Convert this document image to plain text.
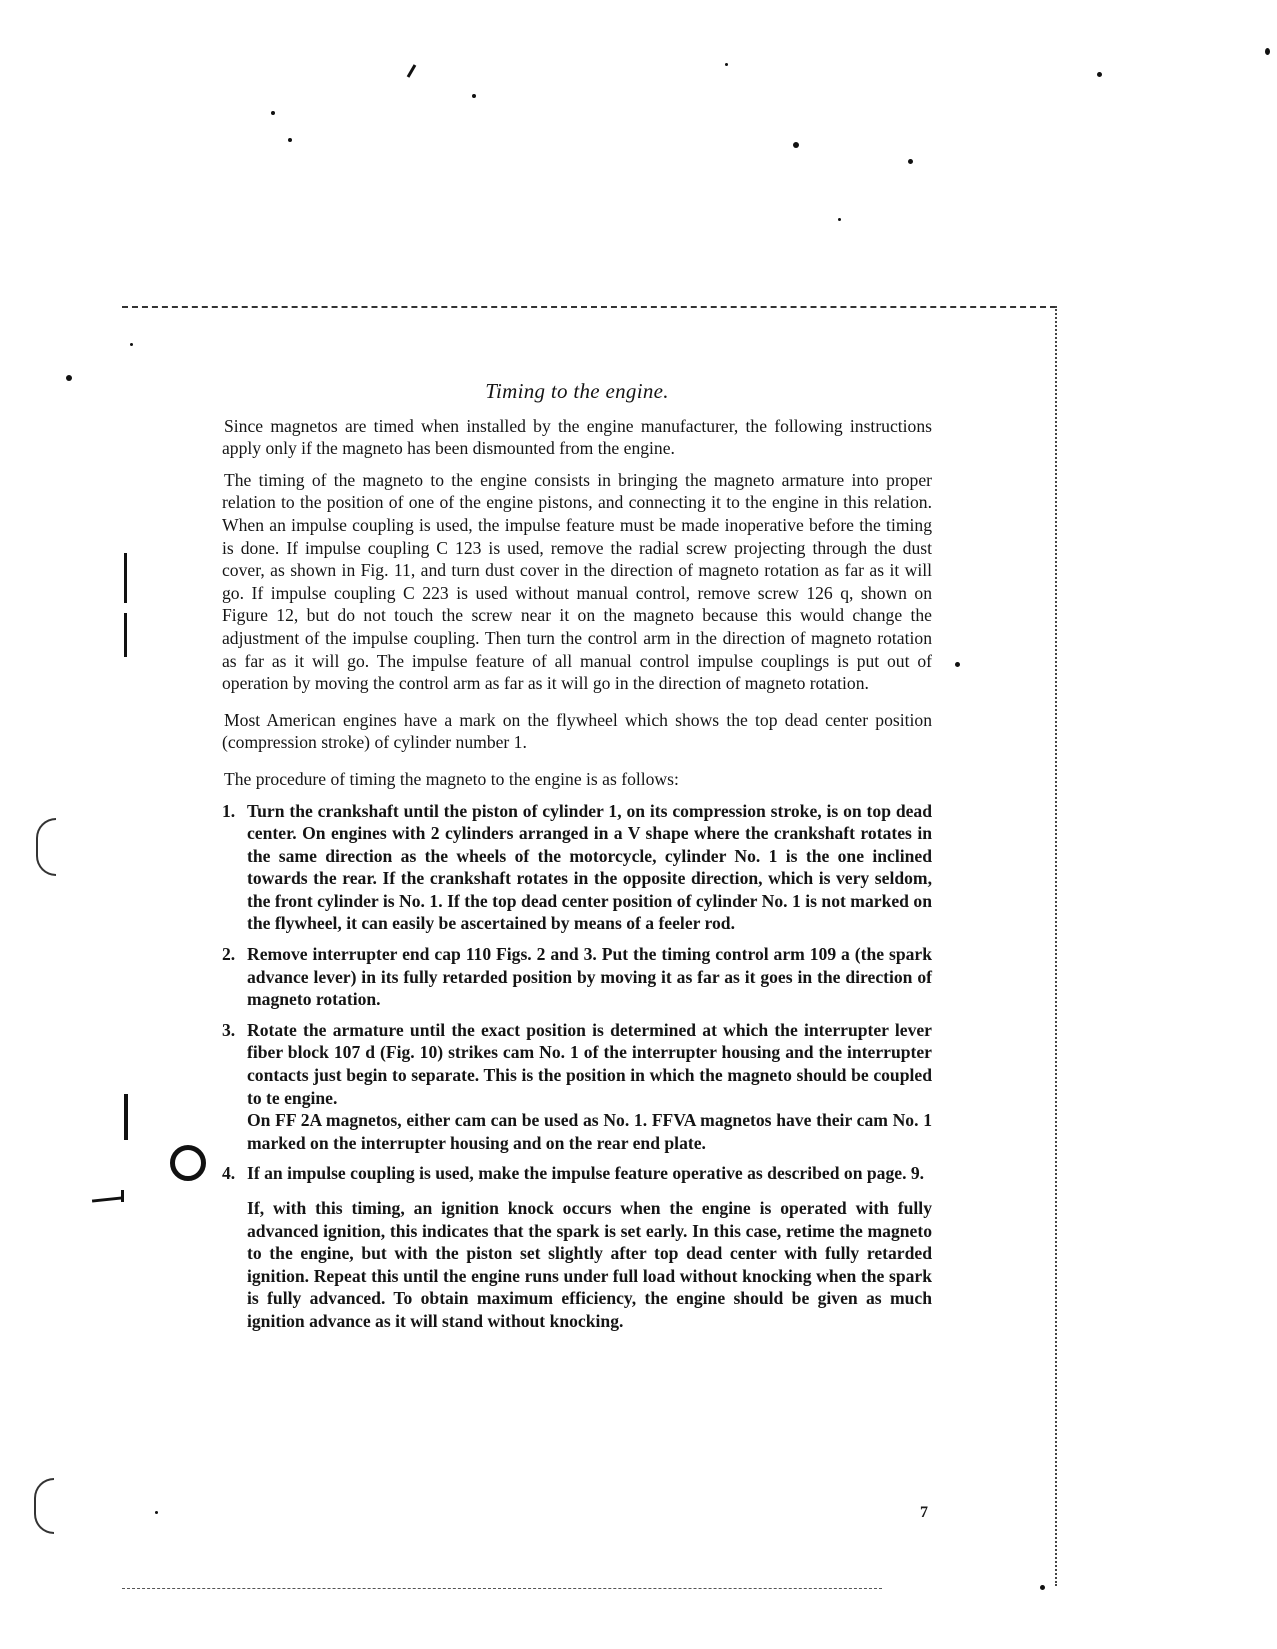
Timing to the engine.

Since magnetos are timed when installed by the engine manufacturer, the following instructions apply only if the magneto has been dismounted from the engine.

The timing of the magneto to the engine consists in bringing the magneto armature into proper relation to the position of one of the engine pistons, and connecting it to the engine in this relation. When an impulse coupling is used, the impulse feature must be made inoperative before the timing is done. If impulse coupling C 123 is used, remove the radial screw projecting through the dust cover, as shown in Fig. 11, and turn dust cover in the direction of magneto rotation as far as it will go. If impulse coupling C 223 is used without manual control, remove screw 126 q, shown on Figure 12, but do not touch the screw near it on the magneto because this would change the adjustment of the impulse coupling. Then turn the control arm in the direction of magneto rotation as far as it will go. The impulse feature of all manual control impulse couplings is put out of operation by moving the control arm as far as it will go in the direction of magneto rotation.

Most American engines have a mark on the flywheel which shows the top dead center position (compression stroke) of cylinder number 1.

The procedure of timing the magneto to the engine is as follows:

1. Turn the crankshaft until the piston of cylinder 1, on its compression stroke, is on top dead center. On engines with 2 cylinders arranged in a V shape where the crankshaft rotates in the same direction as the wheels of the motorcycle, cylinder No. 1 is the one inclined towards the rear. If the crankshaft rotates in the opposite direction, which is very seldom, the front cylinder is No. 1. If the top dead center position of cylinder No. 1 is not marked on the flywheel, it can easily be ascertained by means of a feeler rod.
2. Remove interrupter end cap 110 Figs. 2 and 3. Put the timing control arm 109 a (the spark advance lever) in its fully retarded position by moving it as far as it goes in the direction of magneto rotation.
3. Rotate the armature until the exact position is determined at which the interrupter lever fiber block 107 d (Fig. 10) strikes cam No. 1 of the interrupter housing and the interrupter contacts just begin to separate. This is the position in which the magneto should be coupled to te engine.
On FF 2A magnetos, either cam can be used as No. 1. FFVA magnetos have their cam No. 1 marked on the interrupter housing and on the rear end plate.
4. If an impulse coupling is used, make the impulse feature operative as described on page. 9.

If, with this timing, an ignition knock occurs when the engine is operated with fully advanced ignition, this indicates that the spark is set early. In this case, retime the magneto to the engine, but with the piston set slightly after top dead center with fully retarded ignition. Repeat this until the engine runs under full load without knocking when the spark is fully advanced. To obtain maximum efficiency, the engine should be given as much ignition advance as it will stand without knocking.

7
